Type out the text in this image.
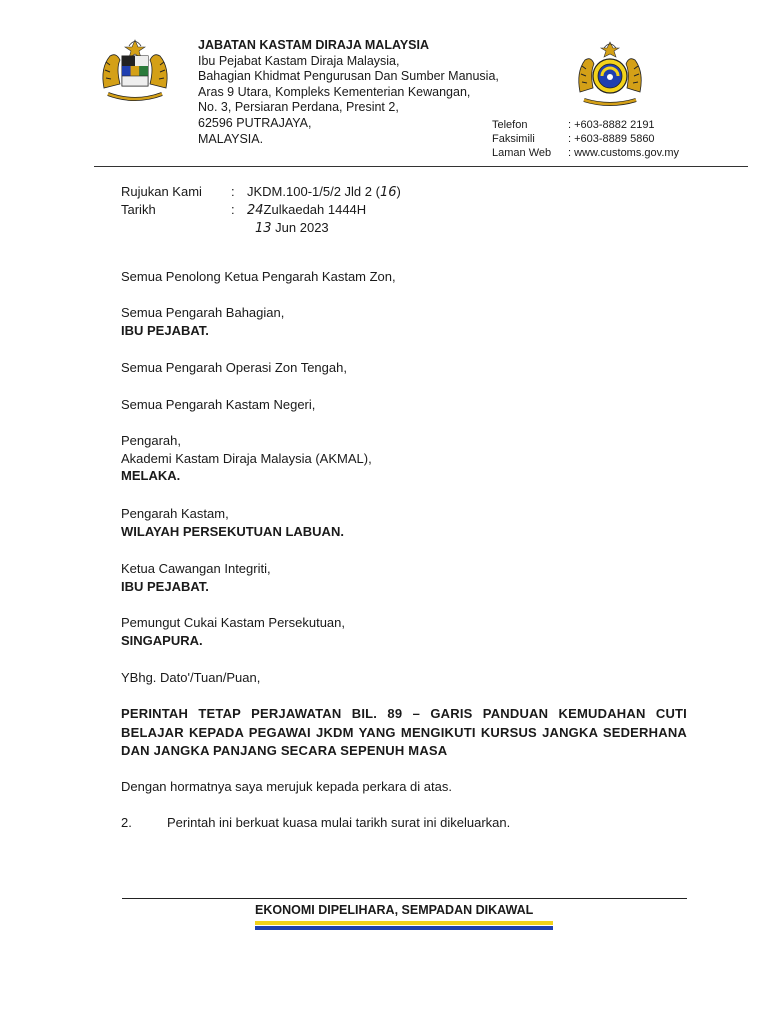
JABATAN KASTAM DIRAJA MALAYSIA
Ibu Pejabat Kastam Diraja Malaysia,
Bahagian Khidmat Pengurusan Dan Sumber Manusia,
Aras 9 Utara, Kompleks Kementerian Kewangan,
No. 3, Persiaran Perdana, Presint 2,
62596 PUTRAJAYA,
MALAYSIA.
Telefon	: +603-8882 2191
Faksimili	: +603-8889 5860
Laman Web	: www.customs.gov.my
Rujukan Kami	: JKDM.100-1/5/2 Jld 2 (16)
Tarikh	: 24Zulkaedah 1444H
13 Jun 2023
Semua Penolong Ketua Pengarah Kastam Zon,
Semua Pengarah Bahagian,
IBU PEJABAT.
Semua Pengarah Operasi Zon Tengah,
Semua Pengarah Kastam Negeri,
Pengarah,
Akademi Kastam Diraja Malaysia (AKMAL),
MELAKA.
Pengarah Kastam,
WILAYAH PERSEKUTUAN LABUAN.
Ketua Cawangan Integriti,
IBU PEJABAT.
Pemungut Cukai Kastam Persekutuan,
SINGAPURA.
YBhg. Dato'/Tuan/Puan,
PERINTAH TETAP PERJAWATAN BIL. 89 – GARIS PANDUAN KEMUDAHAN CUTI BELAJAR KEPADA PEGAWAI JKDM YANG MENGIKUTI KURSUS JANGKA SEDERHANA DAN JANGKA PANJANG SECARA SEPENUH MASA
Dengan hormatnya saya merujuk kepada perkara di atas.
2.	Perintah ini berkuat kuasa mulai tarikh surat ini dikeluarkan.
EKONOMI DIPELIHARA, SEMPADAN DIKAWAL
